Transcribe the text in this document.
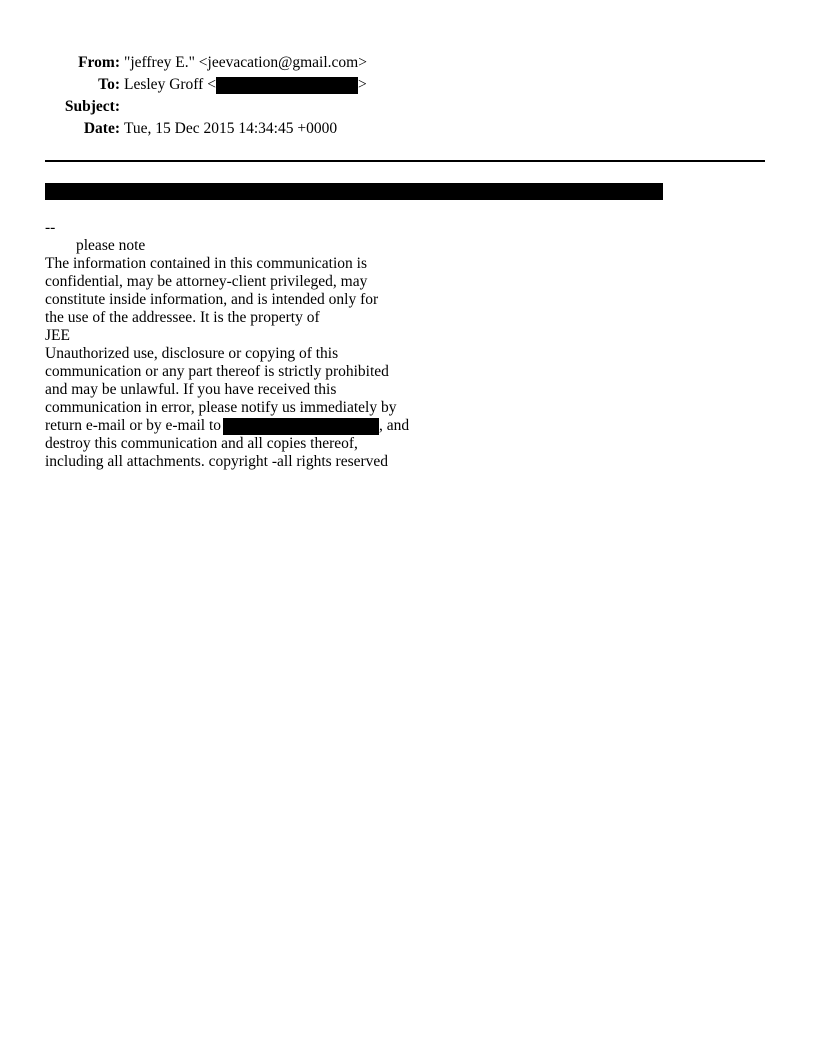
From: "jeffrey E." <jeevacation@gmail.com>
To: Lesley Groff <	>
Subject:
Date: Tue, 15 Dec 2015 14:34:45 +0000
--
please note
The information contained in this communication is
confidential, may be attorney-client privileged, may
constitute inside information, and is intended only for
the use of the addressee. It is the property of
JEE
Unauthorized use, disclosure or copying of this
communication or any part thereof is strictly prohibited
and may be unlawful. If you have received this
communication in error, please notify us immediately by
return e-mail or by e-mail to	, and
destroy this communication and all copies thereof,
including all attachments. copyright -all rights reserved
